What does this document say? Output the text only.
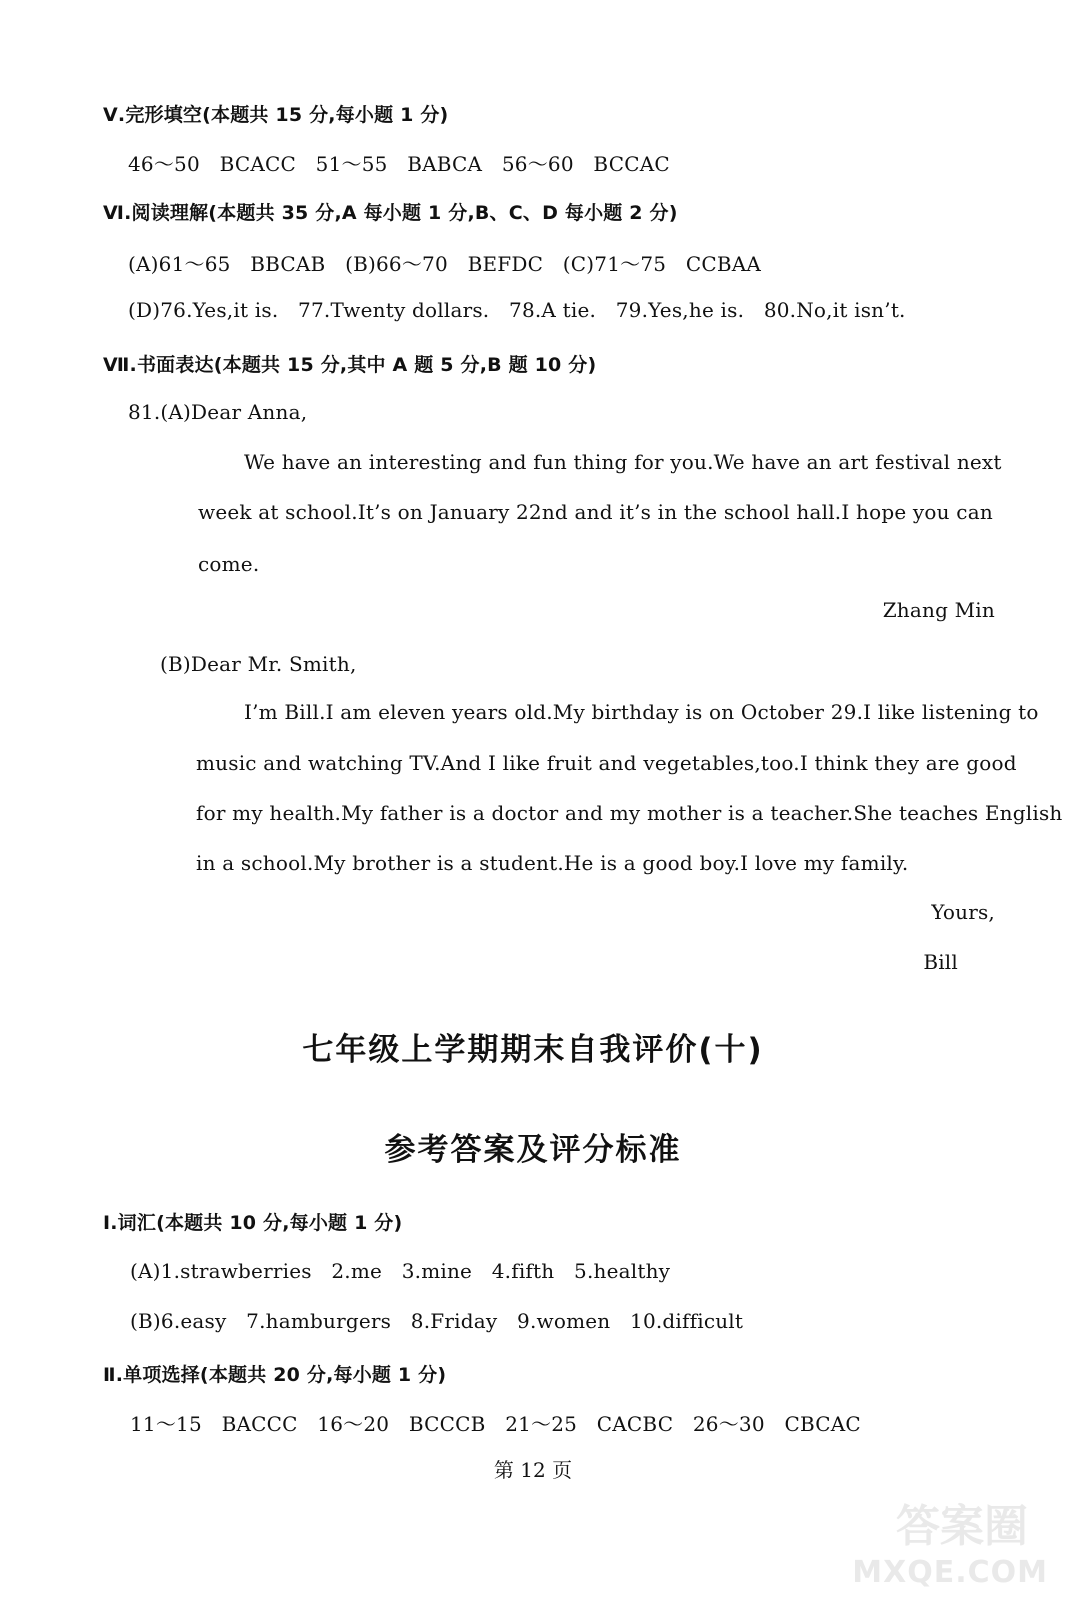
Ⅴ.完形填空(本题共 15 分,每小题 1 分)
46～50   BCACC   51～55   BABCA   56～60   BCCAC
Ⅵ.阅读理解(本题共 35 分,A 每小题 1 分,B、C、D 每小题 2 分)
(A)61～65   BBCAB   (B)66～70   BEFDC   (C)71～75   CCBAA
(D)76.Yes,it is.   77.Twenty dollars.   78.A tie.   79.Yes,he is.   80.No,it isn’t.
Ⅶ.书面表达(本题共 15 分,其中 A 题 5 分,B 题 10 分)
81.(A)Dear Anna,
We have an interesting and fun thing for you.We have an art festival next
week at school.It’s on January 22nd and it’s in the school hall.I hope you can
come.
Zhang Min
(B)Dear Mr. Smith,
I’m Bill.I am eleven years old.My birthday is on October 29.I like listening to
music and watching TV.And I like fruit and vegetables,too.I think they are good
for my health.My father is a doctor and my mother is a teacher.She teaches English
in a school.My brother is a student.He is a good boy.I love my family.
Yours,
Bill
七年级上学期期末自我评价(十)
参考答案及评分标准
Ⅰ.词汇(本题共 10 分,每小题 1 分)
(A)1.strawberries   2.me   3.mine   4.fifth   5.healthy
(B)6.easy   7.hamburgers   8.Friday   9.women   10.difficult
Ⅱ.单项选择(本题共 20 分,每小题 1 分)
11～15   BACCC   16～20   BCCCB   21～25   CACBC   26～30   CBCAC
第 12 页
答案圈
MXQE.COM
